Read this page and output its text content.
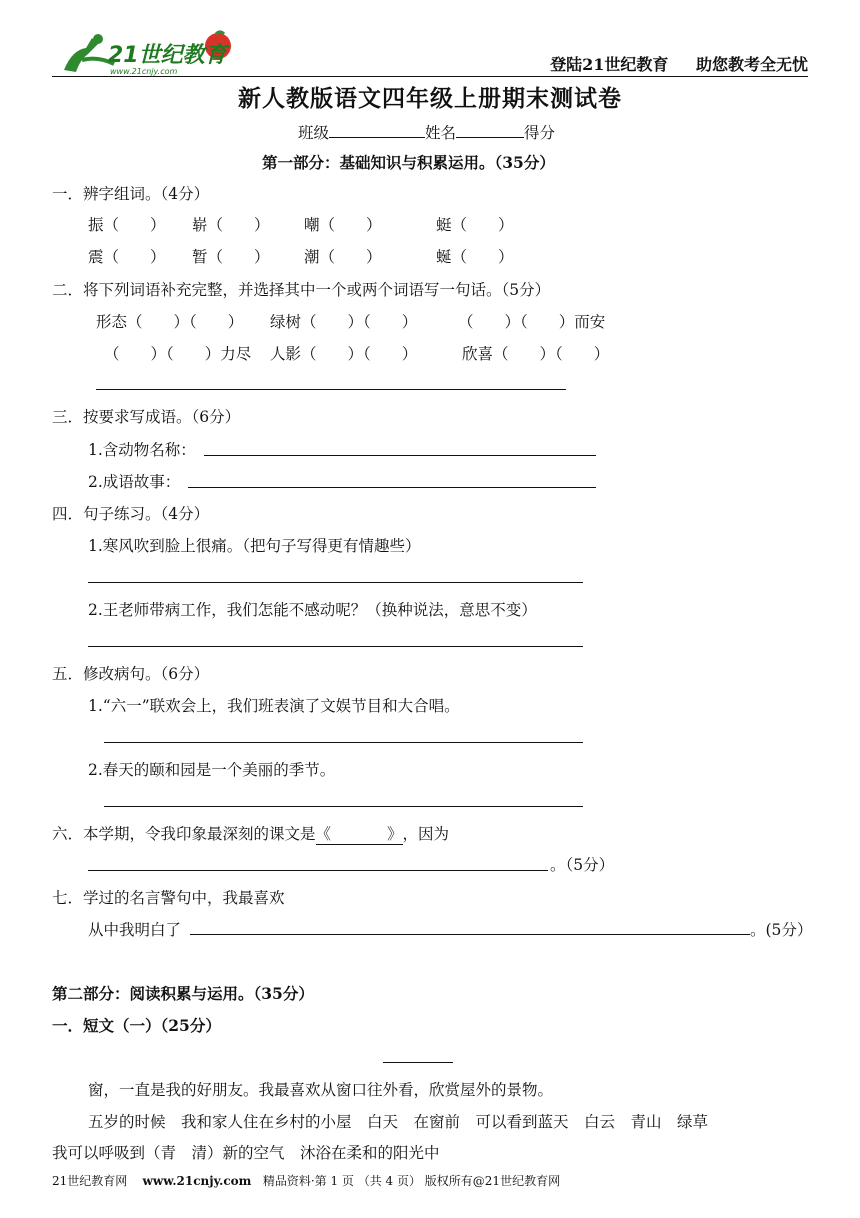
21世纪教育
www.21cnjy.com	登陆21世纪教育 助您教考全无忧
新人教版语文四年级上册期末测试卷
班级	姓名	得分
第一部分：基础知识与积累运用。（35分）
一．辨字组词。（4分）
振（　　） 崭（　　） 嘲（　　）	蜓（　　）
震（　　） 暂（　　） 潮（　　）	蜒（　　）
二．将下列词语补充完整，并选择其中一个或两个词语写一句话。（5分）
形态（　　）（　　） 绿树（　　）（　　）	（　　）（　　）而安
（　　）（　　）力尽 人影（　　）（　　）	欣喜（　　）（　　）
三．按要求写成语。（6分）
1.含动物名称：
2.成语故事：
四．句子练习。（4分）
1.寒风吹到脸上很痛。（把句子写得更有情趣些）
2.王老师带病工作，我们怎能不感动呢？（换种说法，意思不变）
五．修改病句。（6分）
1.“六一”联欢会上，我们班表演了文娱节目和大合唱。
2.春天的颐和园是一个美丽的季节。
六．本学期，令我印象最深刻的课文是《	》，因为
。（5分）
七．学过的名言警句中，我最喜欢
从中我明白了	。(5分）
第二部分：阅读积累与运用。（35分）
一．短文（一）（25分）
窗，一直是我的好朋友。我最喜欢从窗口往外看，欣赏屋外的景物。
五岁的时候　我和家人住在乡村的小屋　白天　在窗前　可以看到蓝天　白云　青山　绿草
我可以呼吸到（青　清）新的空气　沐浴在柔和的阳光中
21世纪教育网 www.21cnjy.com 精品资料·第 1 页 （共 4 页） 版权所有@21世纪教育网
